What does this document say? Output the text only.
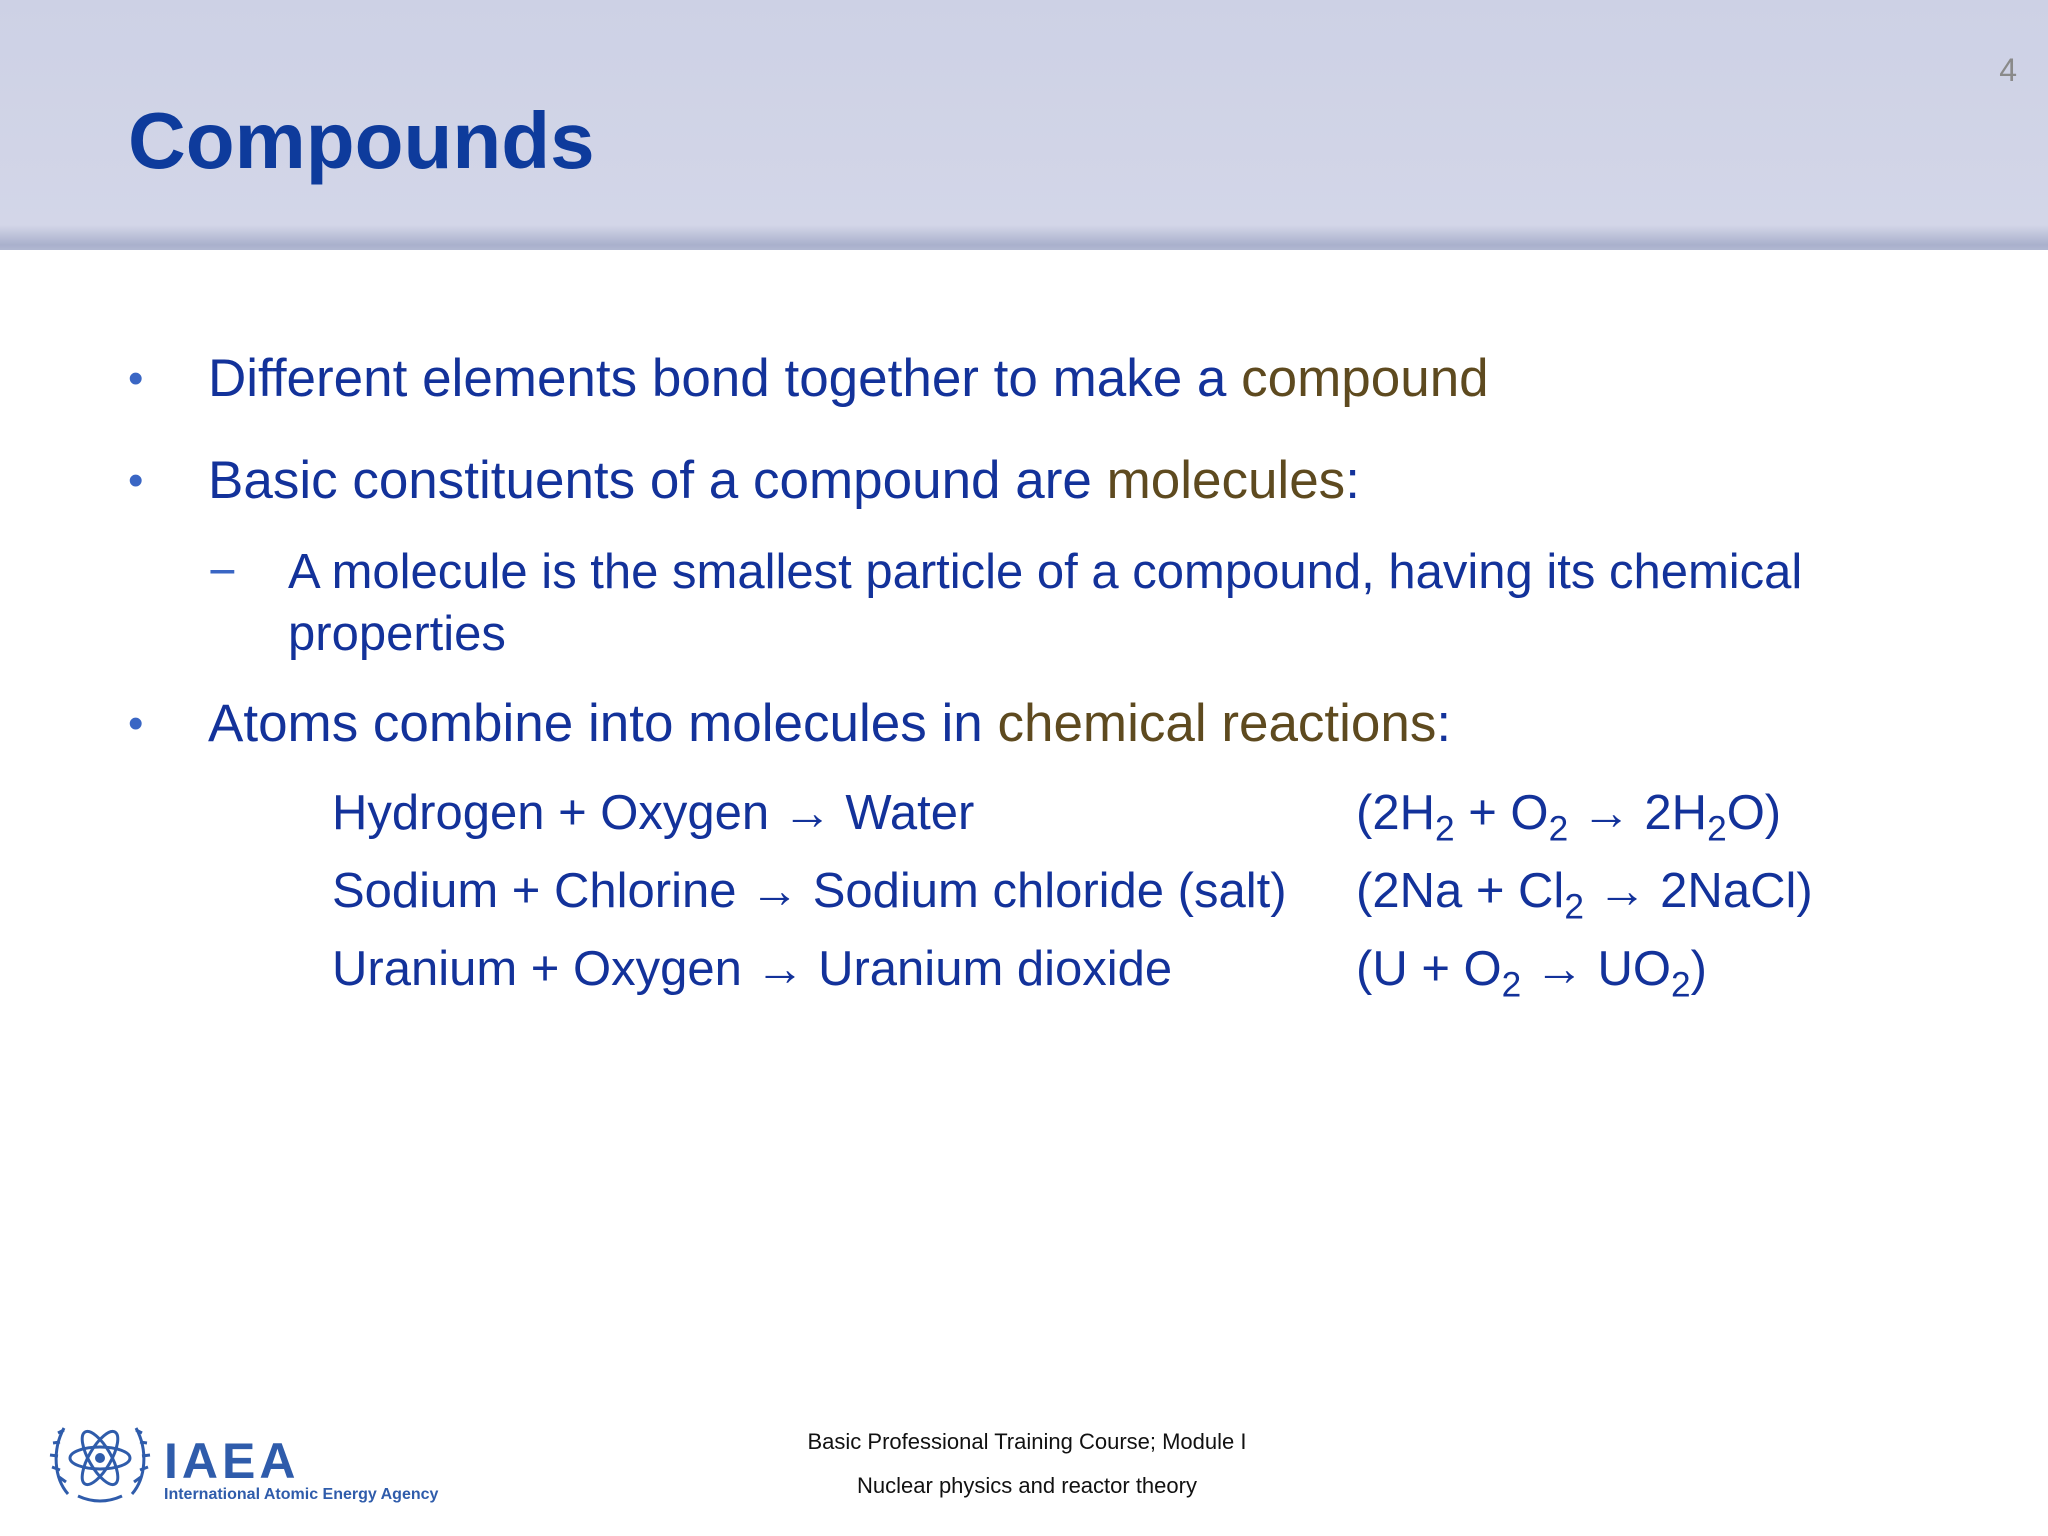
4
Compounds
•	Different elements bond together to make a compound
•	Basic constituents of a compound are molecules:
−	A molecule is the smallest particle of a compound, having its chemical properties
•	Atoms combine into molecules in chemical reactions:
Hydrogen + Oxygen → Water	$(2H_2 + O_2 \to 2H_2O)$
Sodium + Chlorine → Sodium chloride (salt) ($2Na + Cl_2$ → 2NaCl)
Uranium + Oxygen → Uranium dioxide	$(U + O_2 \to UO_2)$
IAEA
International Atomic Energy Agency
Basic Professional Training Course; Module I
Nuclear physics and reactor theory
